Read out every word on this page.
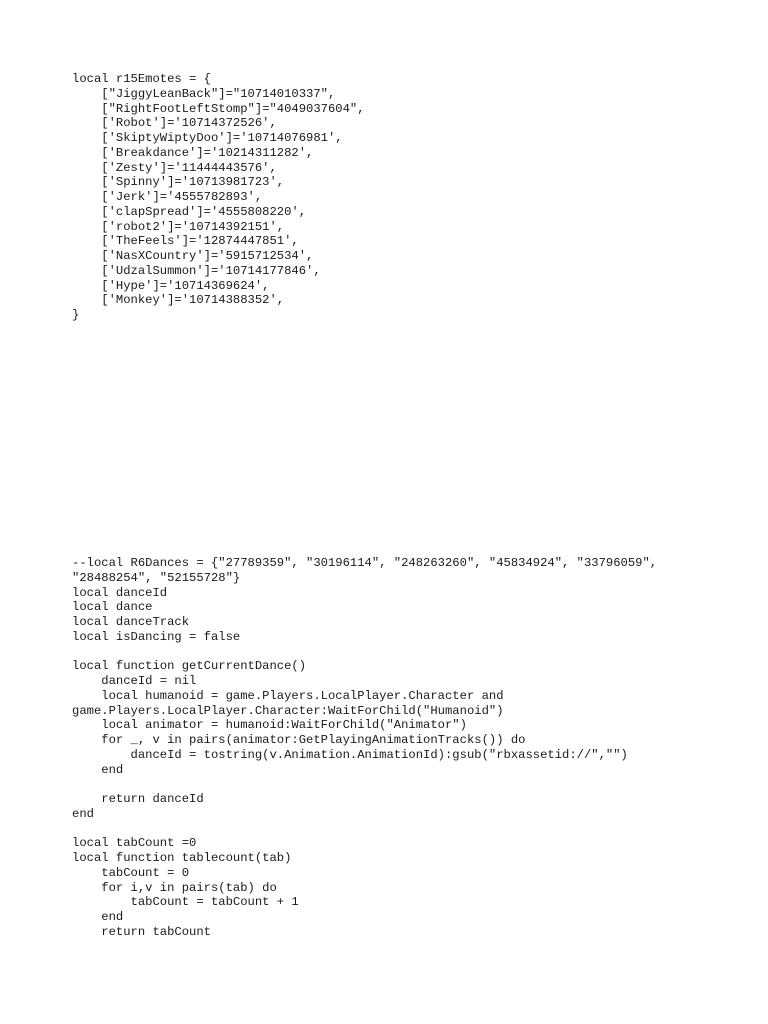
local r15Emotes = {
["JiggyLeanBack"]="10714010337",
["RightFootLeftStomp"]="4049037604",
['Robot']='10714372526',
['SkiptyWiptyDoo']='10714076981',
['Breakdance']='10214311282',
['Zesty']='11444443576',
['Spinny']='10713981723',
['Jerk']='4555782893',
['clapSpread']='4555808220',
['robot2']='10714392151',
['TheFeels']='12874447851',
['NasXCountry']='5915712534',
['UdzalSummon']='10714177846',
['Hype']='10714369624',
['Monkey']='10714388352',
}
--local R6Dances = {"27789359", "30196114", "248263260", "45834924", "33796059",
"28488254", "52155728"}
local danceId
local dance
local danceTrack
local isDancing = false
local function getCurrentDance()
danceId = nil
local humanoid = game.Players.LocalPlayer.Character and
game.Players.LocalPlayer.Character:WaitForChild("Humanoid")
local animator = humanoid:WaitForChild("Animator")
for _, v in pairs(animator:GetPlayingAnimationTracks()) do
danceId = tostring(v.Animation.AnimationId):gsub("rbxassetid://","")
end
return danceId
end
local tabCount =0
local function tablecount(tab)
tabCount = 0
for i,v in pairs(tab) do
tabCount = tabCount + 1
end
return tabCount
